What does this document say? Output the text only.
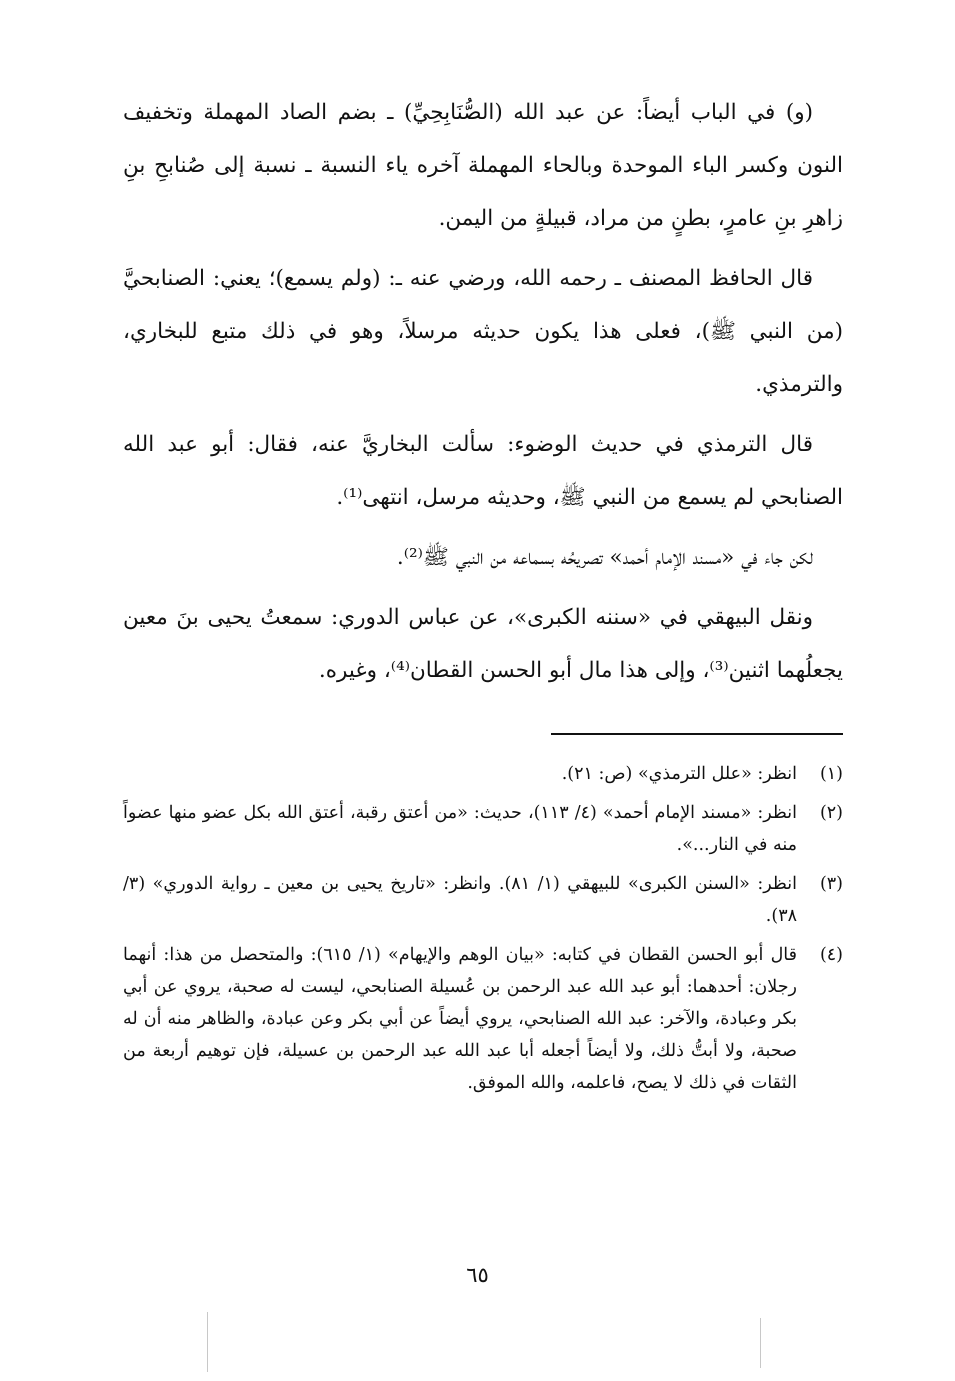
(و) في الباب أيضاً: عن عبد الله (الصُّنَابِحِيِّ) ـ بضم الصاد المهملة وتخفيف النون وكسر الباء الموحدة وبالحاء المهملة آخره ياء النسبة ـ نسبة إلى صُنابحِ بنِ زاهرِ بنِ عامرٍ، بطنٍ من مراد، قبيلةٍ من اليمن.

قال الحافظ المصنف ـ رحمه الله، ورضي عنه ـ: (ولم يسمع)؛ يعني: الصنابحيَّ (من النبي ﷺ)، فعلى هذا يكون حديثه مرسلاً، وهو في ذلك متبع للبخاري، والترمذي.

قال الترمذي في حديث الوضوء: سألت البخاريَّ عنه، فقال: أبو عبد الله الصنابحي لم يسمع من النبي ﷺ، وحديثه مرسل، انتهى⁽¹⁾.

لكن جاء في «مسند الإمام أحمد» تصريحُه بسماعه من النبي ﷺ⁽²⁾.

ونقل البيهقي في «سننه الكبرى»، عن عباس الدوري: سمعتُ يحيى بنَ معين يجعلُهما اثنين⁽³⁾، وإلى هذا مال أبو الحسن القطان⁽⁴⁾، وغيره.

(١)
انظر: «علل الترمذي» (ص: ٢١).
(٢)
انظر: «مسند الإمام أحمد» (٤/ ١١٣)، حديث: «من أعتق رقبة، أعتق الله بكل عضو منها عضواً منه في النار...».
(٣)
انظر: «السنن الكبرى» للبيهقي (١/ ٨١). وانظر: «تاريخ يحيى بن معين ـ رواية الدوري» (٣/ ٣٨).
(٤)
قال أبو الحسن القطان في كتابه: «بيان الوهم والإيهام» (١/ ٦١٥): والمتحصل من هذا: أنهما رجلان: أحدهما: أبو عبد الله عبد الرحمن بن عُسيلة الصنابحي، ليست له صحبة، يروي عن أبي بكر وعبادة، والآخر: عبد الله الصنابحي، يروي أيضاً عن أبي بكر وعن عبادة، والظاهر منه أن له صحبة، ولا أبتُّ ذلك، ولا أيضاً أجعله أبا عبد الله عبد الرحمن بن عسيلة، فإن توهيم أربعة من الثقات في ذلك لا يصح، فاعلمه، والله الموفق.
٦٥
